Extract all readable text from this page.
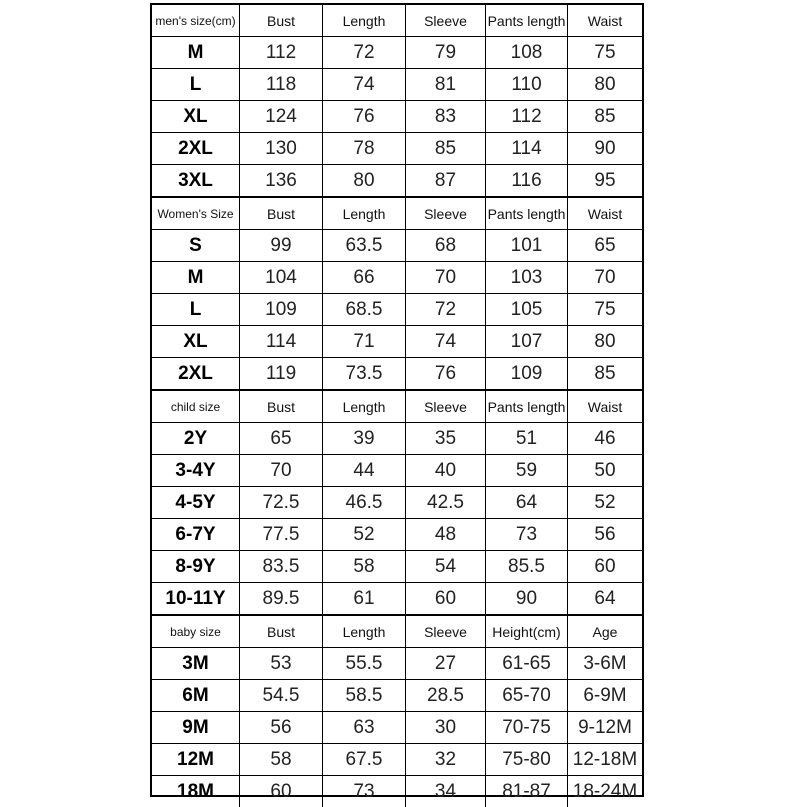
men's size(cm)	Bust	Length	Sleeve	Pants length	Waist
M	112	72	79	108	75
L	118	74	81	110	80
XL	124	76	83	112	85
2XL	130	78	85	114	90
3XL	136	80	87	116	95
Women's Size	Bust	Length	Sleeve	Pants length	Waist
S	99	63.5	68	101	65
M	104	66	70	103	70
L	109	68.5	72	105	75
XL	114	71	74	107	80
2XL	119	73.5	76	109	85
child size	Bust	Length	Sleeve	Pants length	Waist
2Y	65	39	35	51	46
3-4Y	70	44	40	59	50
4-5Y	72.5	46.5	42.5	64	52
6-7Y	77.5	52	48	73	56
8-9Y	83.5	58	54	85.5	60
10-11Y	89.5	61	60	90	64
baby size	Bust	Length	Sleeve	Height(cm)	Age
3M	53	55.5	27	61-65	3-6M
6M	54.5	58.5	28.5	65-70	6-9M
9M	56	63	30	70-75	9-12M
12M	58	67.5	32	75-80	12-18M
18M	60	73	34	81-87	18-24M
